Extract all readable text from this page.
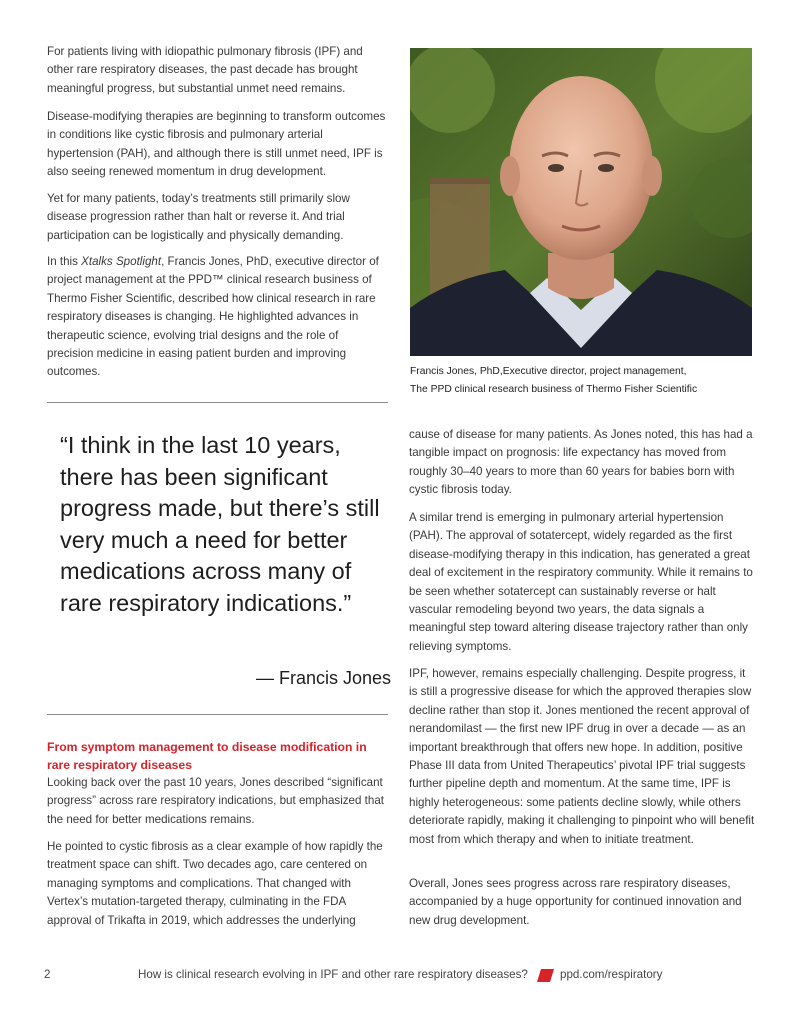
For patients living with idiopathic pulmonary fibrosis (IPF) and other rare respiratory diseases, the past decade has brought meaningful progress, but substantial unmet need remains.

Disease-modifying therapies are beginning to transform outcomes in conditions like cystic fibrosis and pulmonary arterial hypertension (PAH), and although there is still unmet need, IPF is also seeing renewed momentum in drug development.

Yet for many patients, today’s treatments still primarily slow disease progression rather than halt or reverse it. And trial participation can be logistically and physically demanding.

In this Xtalks Spotlight, Francis Jones, PhD, executive director of project management at the PPD™ clinical research business of Thermo Fisher Scientific, described how clinical research in rare respiratory diseases is changing. He highlighted advances in therapeutic science, evolving trial designs and the role of precision medicine in easing patient burden and improving outcomes.	Francis Jones, PhD,Executive director, project management,
The PPD clinical research business of Thermo Fisher Scientific
“I think in the last 10 years, there has been significant progress made, but there’s still very much a need for better medications across many of rare respiratory indications.”
— Francis Jones
From symptom management to disease modification in rare respiratory diseases

Looking back over the past 10 years, Jones described “significant progress” across rare respiratory indications, but emphasized that the need for better medications remains.

He pointed to cystic fibrosis as a clear example of how rapidly the treatment space can shift. Two decades ago, care centered on managing symptoms and complications. That changed with Vertex’s mutation-targeted therapy, culminating in the FDA approval of Trikafta in 2019, which addresses the underlying

cause of disease for many patients. As Jones noted, this has had a tangible impact on prognosis: life expectancy has moved from roughly 30–40 years to more than 60 years for babies born with cystic fibrosis today.

A similar trend is emerging in pulmonary arterial hypertension (PAH). The approval of sotatercept, widely regarded as the first disease-modifying therapy in this indication, has generated a great deal of excitement in the respiratory community. While it remains to be seen whether sotatercept can sustainably reverse or halt vascular remodeling beyond two years, the data signals a meaningful step toward altering disease trajectory rather than only relieving symptoms.

IPF, however, remains especially challenging. Despite progress, it is still a progressive disease for which the approved therapies slow decline rather than stop it. Jones mentioned the recent approval of nerandomilast — the first new IPF drug in over a decade — as an important breakthrough that offers new hope. In addition, positive Phase III data from United Therapeutics’ pivotal IPF trial suggests further pipeline depth and momentum. At the same time, IPF is highly heterogeneous: some patients decline slowly, while others deteriorate rapidly, making it challenging to pinpoint who will benefit most from which therapy and when to initiate treatment.

Overall, Jones sees progress across rare respiratory diseases, accompanied by a huge opportunity for continued innovation and new drug development.

2	How is clinical research evolving in IPF and other rare respiratory diseases?	ppd.com/respiratory
